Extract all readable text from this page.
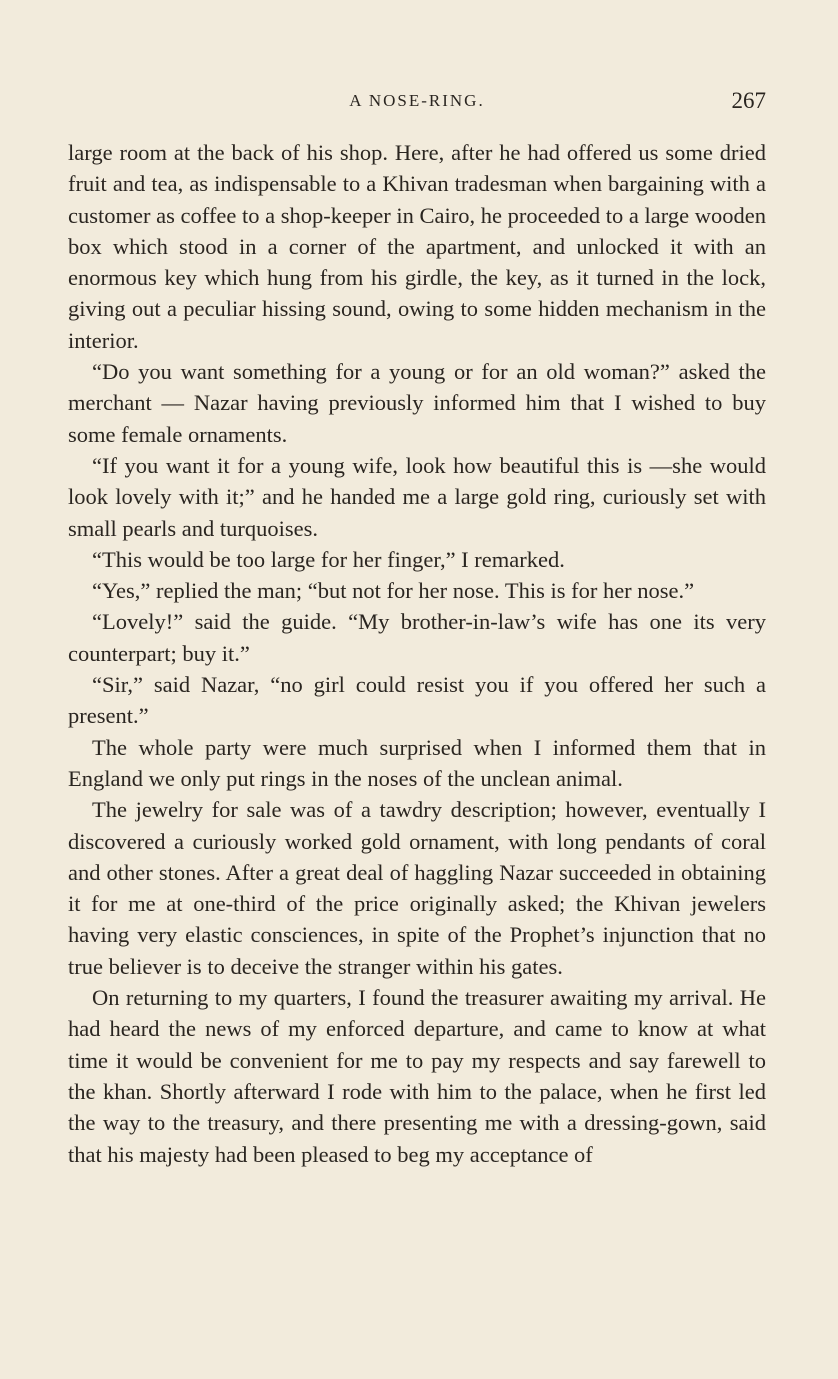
A NOSE-RING.	267

large room at the back of his shop. Here, after he had offered us some dried fruit and tea, as indispensable to a Khivan tradesman when bargaining with a customer as coffee to a shop-keeper in Cairo, he proceeded to a large wooden box which stood in a corner of the apartment, and unlocked it with an enormous key which hung from his girdle, the key, as it turned in the lock, giving out a peculiar hissing sound, owing to some hidden mechanism in the interior.

“Do you want something for a young or for an old woman?” asked the merchant — Nazar having previously informed him that I wished to buy some female ornaments.

“If you want it for a young wife, look how beautiful this is —she would look lovely with it;” and he handed me a large gold ring, curiously set with small pearls and turquoises.

“This would be too large for her finger,” I remarked.

“Yes,” replied the man; “but not for her nose. This is for her nose.”

“Lovely!” said the guide. “My brother-in-law’s wife has one its very counterpart; buy it.”

“Sir,” said Nazar, “no girl could resist you if you offered her such a present.”

The whole party were much surprised when I informed them that in England we only put rings in the noses of the unclean animal.

The jewelry for sale was of a tawdry description; however, eventually I discovered a curiously worked gold ornament, with long pendants of coral and other stones. After a great deal of haggling Nazar succeeded in obtaining it for me at one-third of the price originally asked; the Khivan jewelers having very elastic consciences, in spite of the Prophet’s injunction that no true believer is to deceive the stranger within his gates.

On returning to my quarters, I found the treasurer awaiting my arrival. He had heard the news of my enforced departure, and came to know at what time it would be convenient for me to pay my respects and say farewell to the khan. Shortly afterward I rode with him to the palace, when he first led the way to the treasury, and there presenting me with a dressing-gown, said that his majesty had been pleased to beg my acceptance of
